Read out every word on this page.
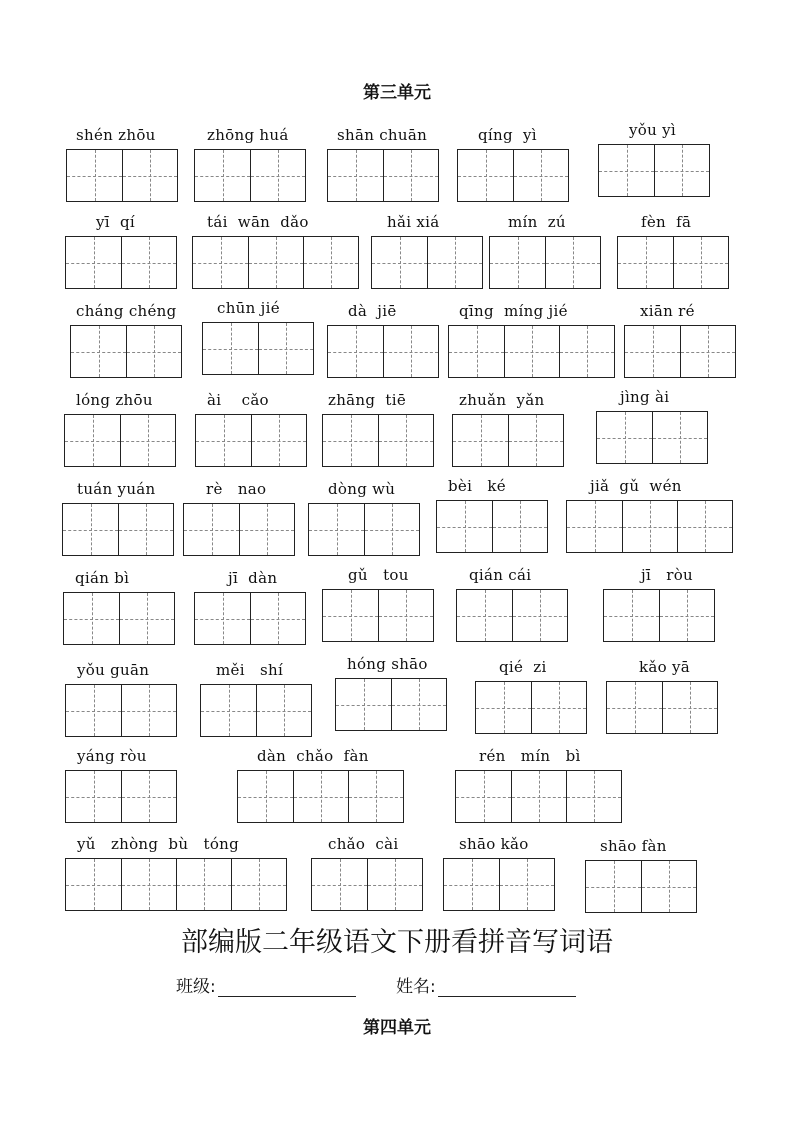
第三单元
shén zhōu	zhōng huá	shān chuān	qíng  yì	yǒu yì
yī  qí	tái  wān  dǎo	hǎi xiá	mín  zú	fèn  fā
cháng chéng	chūn jié	dà  jiē	qīng  míng jié	xiān ré
lóng zhōu	ài    cǎo	zhāng  tiē	zhuǎn  yǎn	jìng ài
tuán yuán	rè   nao	dòng wù	bèi   ké	jiǎ  gǔ  wén
qián bì	jī  dàn	gǔ   tou	qián cái	jī   ròu
yǒu guān	měi   shí	hóng shāo	qié  zi	kǎo yā
yáng ròu	dàn  chǎo  fàn	rén   mín   bì
yǔ   zhòng  bù   tóng	chǎo  cài	shāo kǎo	shāo fàn
部编版二年级语文下册看拼音写词语
班级:	姓名:
第四单元
